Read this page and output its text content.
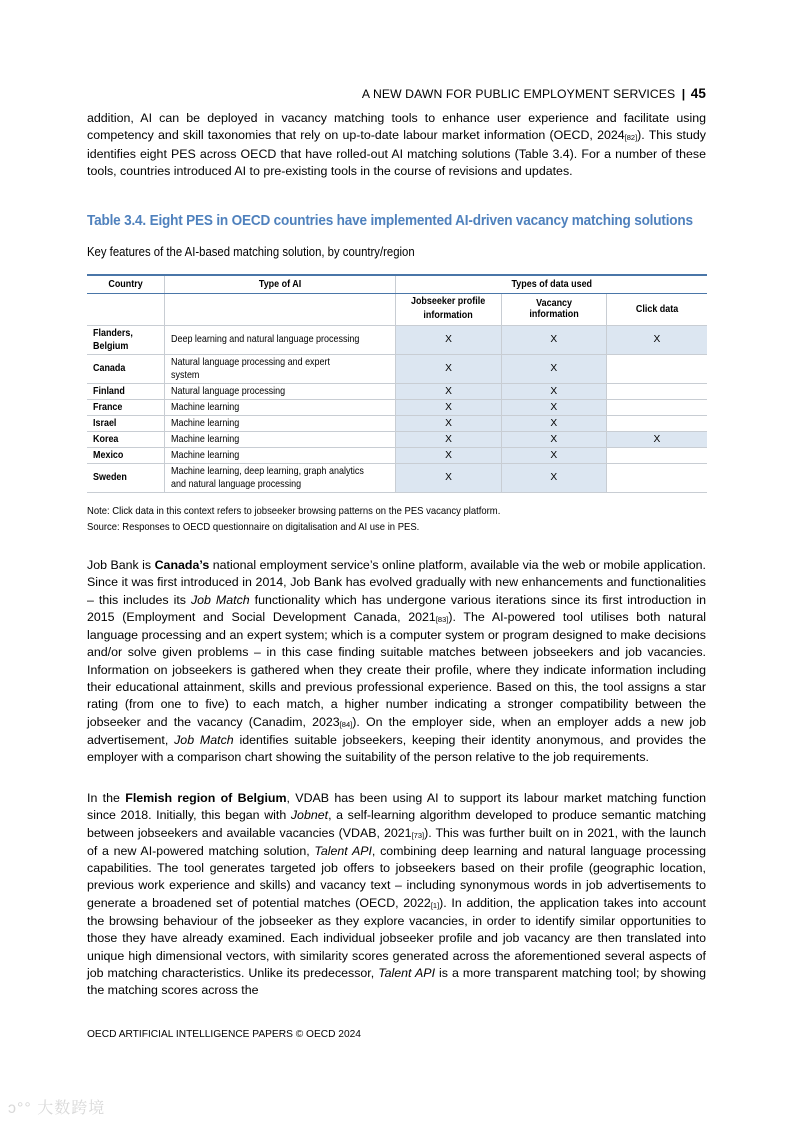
A NEW DAWN FOR PUBLIC EMPLOYMENT SERVICES | 45

addition, AI can be deployed in vacancy matching tools to enhance user experience and facilitate using competency and skill taxonomies that rely on up-to-date labour market information (OECD, 2024[82]). This study identifies eight PES across OECD that have rolled-out AI matching solutions (Table 3.4). For a number of these tools, countries introduced AI to pre-existing tools in the course of revisions and updates.

Table 3.4. Eight PES in OECD countries have implemented AI-driven vacancy matching solutions
Key features of the AI-based matching solution, by country/region
Country	Type of AI	Types of data used		
		Jobseeker profile information	Vacancy information	Click data
Flanders, Belgium	Deep learning and natural language processing	X	X	X
Canada	Natural language processing and expert system	X	X	
Finland	Natural language processing	X	X	
France	Machine learning	X	X	
Israel	Machine learning	X	X	
Korea	Machine learning	X	X	X
Mexico	Machine learning	X	X	
Sweden	Machine learning, deep learning, graph analytics and natural language processing	X	X	
Note: Click data in this context refers to jobseeker browsing patterns on the PES vacancy platform.
Source: Responses to OECD questionnaire on digitalisation and AI use in PES.

Job Bank is Canada’s national employment service’s online platform, available via the web or mobile application. Since it was first introduced in 2014, Job Bank has evolved gradually with new enhancements and functionalities – this includes its Job Match functionality which has undergone various iterations since its first introduction in 2015 (Employment and Social Development Canada, 2021[83]). The AI-powered tool utilises both natural language processing and an expert system; which is a computer system or program designed to make decisions and/or solve given problems – in this case finding suitable matches between jobseekers and job vacancies. Information on jobseekers is gathered when they create their profile, where they indicate information including their educational attainment, skills and previous professional experience. Based on this, the tool assigns a star rating (from one to five) to each match, a higher number indicating a stronger compatibility between the jobseeker and the vacancy (Canadim, 2023[84]). On the employer side, when an employer adds a new job advertisement, Job Match identifies suitable jobseekers, keeping their identity anonymous, and provides the employer with a comparison chart showing the suitability of the person relative to the job requirements.

In the Flemish region of Belgium, VDAB has been using AI to support its labour market matching function since 2018. Initially, this began with Jobnet, a self-learning algorithm developed to produce semantic matching between jobseekers and available vacancies (VDAB, 2021[73]). This was further built on in 2021, with the launch of a new AI-powered matching solution, Talent API, combining deep learning and natural language processing capabilities. The tool generates targeted job offers to jobseekers based on their profile (geographic location, previous work experience and skills) and vacancy text – including synonymous words in job advertisements to generate a broadened set of potential matches (OECD, 2022[1]). In addition, the application takes into account the browsing behaviour of the jobseeker as they explore vacancies, in order to identify similar opportunities to those they have already examined. Each individual jobseeker profile and job vacancy are then translated into unique high dimensional vectors, with similarity scores generated across the aforementioned several aspects of job matching characteristics. Unlike its predecessor, Talent API is a more transparent matching tool; by showing the matching scores across the

OECD ARTIFICIAL INTELLIGENCE PAPERS © OECD 2024
ↄ°° 大数跨境
